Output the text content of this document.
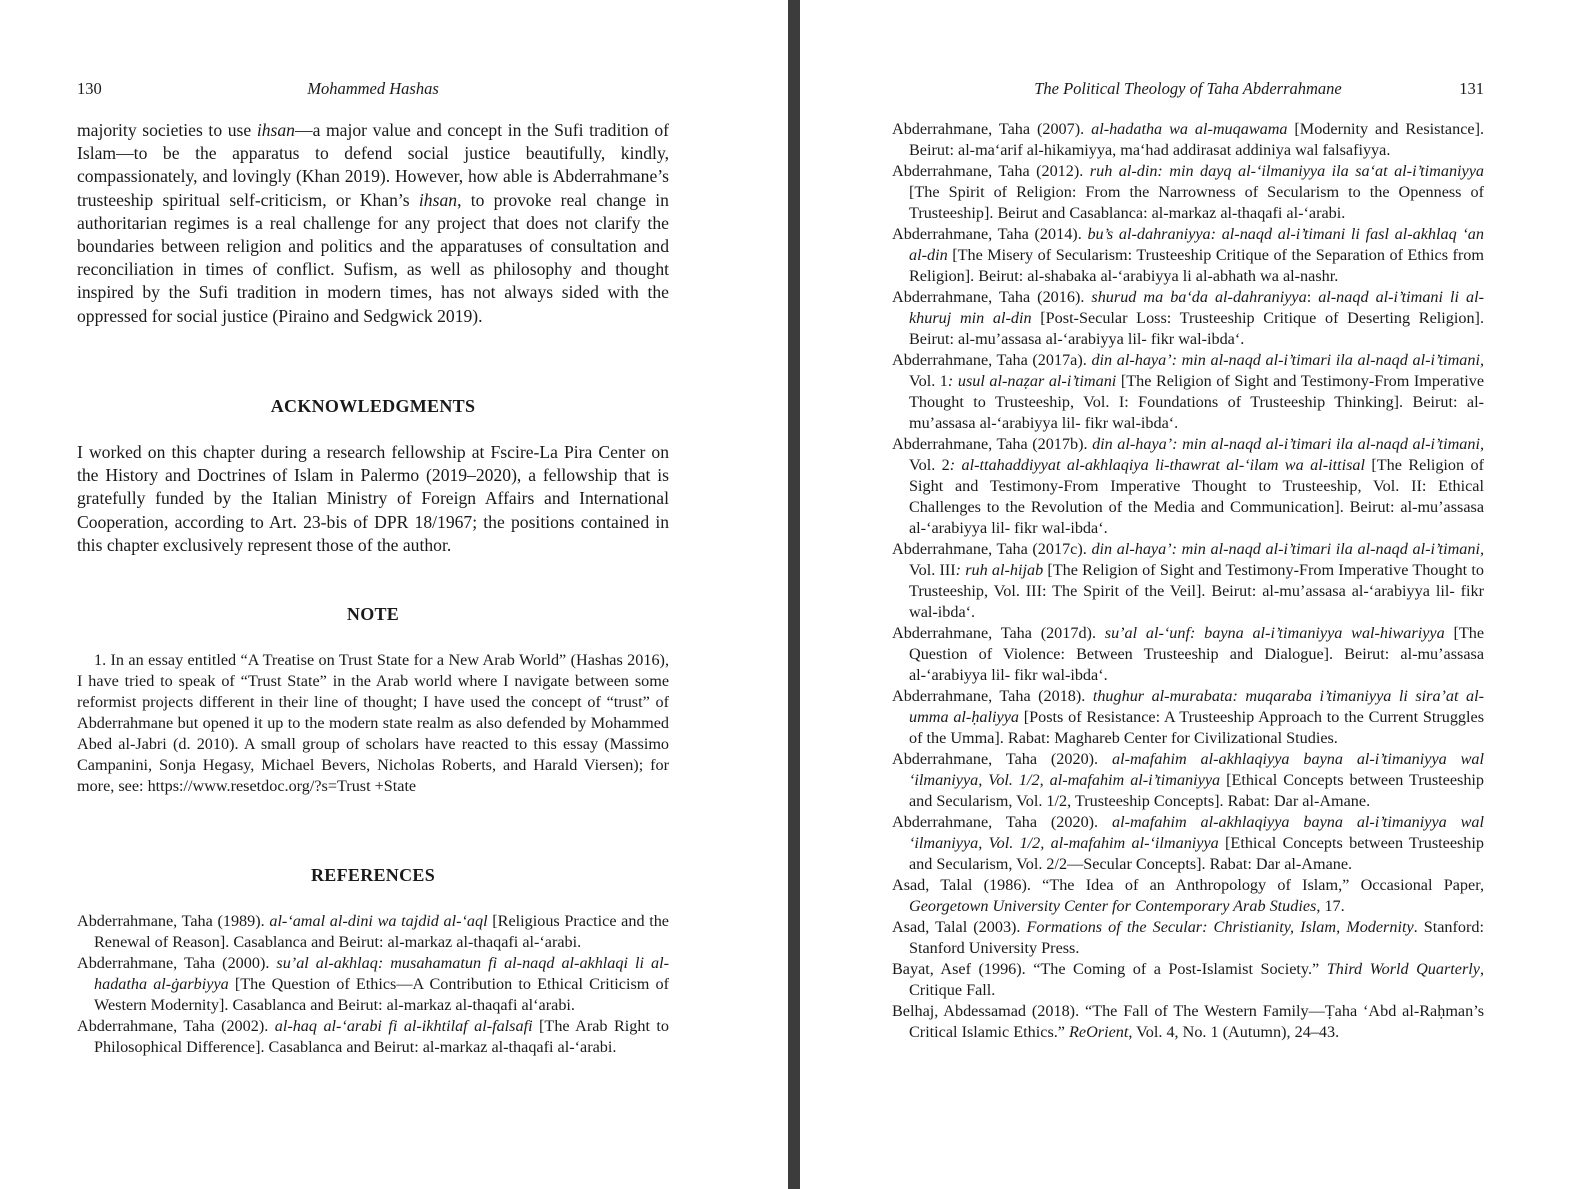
130	Mohammed Hashas

majority societies to use ihsan—a major value and concept in the Sufi tradition of Islam—to be the apparatus to defend social justice beautifully, kindly, compassionately, and lovingly (Khan 2019). However, how able is Abderrahmane’s trusteeship spiritual self-criticism, or Khan’s ihsan, to provoke real change in authoritarian regimes is a real challenge for any project that does not clarify the boundaries between religion and politics and the apparatuses of consultation and reconciliation in times of conflict. Sufism, as well as philosophy and thought inspired by the Sufi tradition in modern times, has not always sided with the oppressed for social justice (Piraino and Sedgwick 2019).

ACKNOWLEDGMENTS

I worked on this chapter during a research fellowship at Fscire-La Pira Center on the History and Doctrines of Islam in Palermo (2019–2020), a fellowship that is gratefully funded by the Italian Ministry of Foreign Affairs and International Cooperation, according to Art. 23-bis of DPR 18/1967; the positions contained in this chapter exclusively represent those of the author.

NOTE

1. In an essay entitled “A Treatise on Trust State for a New Arab World” (Hashas 2016), I have tried to speak of “Trust State” in the Arab world where I navigate between some reformist projects different in their line of thought; I have used the concept of “trust” of Abderrahmane but opened it up to the modern state realm as also defended by Mohammed Abed al-Jabri (d. 2010). A small group of scholars have reacted to this essay (Massimo Campanini, Sonja Hegasy, Michael Bevers, Nicholas Roberts, and Harald Viersen); for more, see: https://www.resetdoc.org/?s=Trust +State

REFERENCES
Abderrahmane, Taha (1989). al-‘amal al-dini wa tajdid al-‘aql [Religious Practice and the Renewal of Reason]. Casablanca and Beirut: al-markaz al-thaqafi al-‘arabi.
Abderrahmane, Taha (2000). su’al al-akhlaq: musahamatun fi al-naqd al-akhlaqi li al-hadatha al-ġarbiyya [The Question of Ethics—A Contribution to Ethical Criticism of Western Modernity]. Casablanca and Beirut: al-markaz al-thaqafi al‘arabi.
Abderrahmane, Taha (2002). al-haq al-‘arabi fi al-ikhtilaf al-falsafi [The Arab Right to Philosophical Difference]. Casablanca and Beirut: al-markaz al-thaqafi al-‘arabi.
The Political Theology of Taha Abderrahmane	131
Abderrahmane, Taha (2007). al-hadatha wa al-muqawama [Modernity and Resistance]. Beirut: al-ma‘arif al-hikamiyya, ma‘had addirasat addiniya wal falsafiyya.
Abderrahmane, Taha (2012). ruh al-din: min dayq al-‘ilmaniyya ila sa‘at al-i’timaniyya [The Spirit of Religion: From the Narrowness of Secularism to the Openness of Trusteeship]. Beirut and Casablanca: al-markaz al-thaqafi al-‘arabi.
Abderrahmane, Taha (2014). bu’s al-dahraniyya: al-naqd al-i’timani li fasl al-akhlaq ‘an al-din [The Misery of Secularism: Trusteeship Critique of the Separation of Ethics from Religion]. Beirut: al-shabaka al-‘arabiyya li al-abhath wa al-nashr.
Abderrahmane, Taha (2016). shurud ma ba‘da al-dahraniyya: al-naqd al-i’timani li al-khuruj min al-din [Post-Secular Loss: Trusteeship Critique of Deserting Religion]. Beirut: al-mu’assasa al-‘arabiyya lil- fikr wal-ibda‘.
Abderrahmane, Taha (2017a). din al-haya’: min al-naqd al-i’timari ila al-naqd al-i’timani, Vol. 1: usul al-naẓar al-i’timani [The Religion of Sight and Testimony-From Imperative Thought to Trusteeship, Vol. I: Foundations of Trusteeship Thinking]. Beirut: al-mu’assasa al-‘arabiyya lil- fikr wal-ibda‘.
Abderrahmane, Taha (2017b). din al-haya’: min al-naqd al-i’timari ila al-naqd al-i’timani, Vol. 2: al-ttahaddiyyat al-akhlaqiya li-thawrat al-‘ilam wa al-ittisal [The Religion of Sight and Testimony-From Imperative Thought to Trusteeship, Vol. II: Ethical Challenges to the Revolution of the Media and Communication]. Beirut: al-mu’assasa al-‘arabiyya lil- fikr wal-ibda‘.
Abderrahmane, Taha (2017c). din al-haya’: min al-naqd al-i’timari ila al-naqd al-i’timani, Vol. III: ruh al-hijab [The Religion of Sight and Testimony-From Imperative Thought to Trusteeship, Vol. III: The Spirit of the Veil]. Beirut: al-mu’assasa al-‘arabiyya lil- fikr wal-ibda‘.
Abderrahmane, Taha (2017d). su’al al-‘unf: bayna al-i’timaniyya wal-hiwariyya [The Question of Violence: Between Trusteeship and Dialogue]. Beirut: al-mu’assasa al-‘arabiyya lil- fikr wal-ibda‘.
Abderrahmane, Taha (2018). thughur al-murabata: muqaraba i’timaniyya li sira’at al-umma al-ḥaliyya [Posts of Resistance: A Trusteeship Approach to the Current Struggles of the Umma]. Rabat: Maghareb Center for Civilizational Studies.
Abderrahmane, Taha (2020). al-mafahim al-akhlaqiyya bayna al-i’timaniyya wal ‘ilmaniyya, Vol. 1/2, al-mafahim al-i’timaniyya [Ethical Concepts between Trusteeship and Secularism, Vol. 1/2, Trusteeship Concepts]. Rabat: Dar al-Amane.
Abderrahmane, Taha (2020). al-mafahim al-akhlaqiyya bayna al-i’timaniyya wal ‘ilmaniyya, Vol. 1/2, al-mafahim al-‘ilmaniyya [Ethical Concepts between Trusteeship and Secularism, Vol. 2/2—Secular Concepts]. Rabat: Dar al-Amane.
Asad, Talal (1986). “The Idea of an Anthropology of Islam,” Occasional Paper, Georgetown University Center for Contemporary Arab Studies, 17.
Asad, Talal (2003). Formations of the Secular: Christianity, Islam, Modernity. Stanford: Stanford University Press.
Bayat, Asef (1996). “The Coming of a Post-Islamist Society.” Third World Quarterly, Critique Fall.
Belhaj, Abdessamad (2018). “The Fall of The Western Family—Ṭaha ‘Abd al-Raḥman’s Critical Islamic Ethics.” ReOrient, Vol. 4, No. 1 (Autumn), 24–43.
